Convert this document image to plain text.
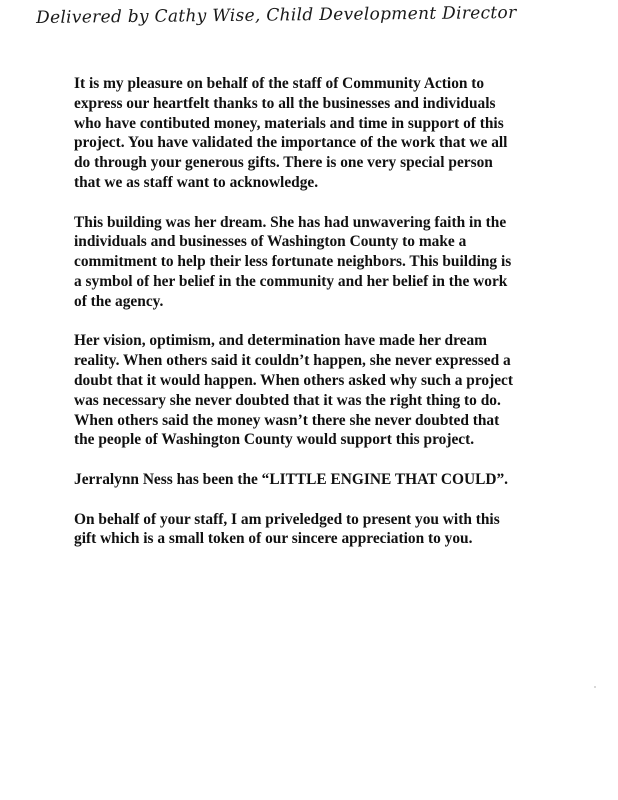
Delivered by Cathy Wise, Child Development Director

It is my pleasure on behalf of the staff of Community Action to
express our heartfelt thanks to all the businesses and individuals
who have contibuted money, materials and time in support of this
project. You have validated the importance of the work that we all
do through your generous gifts. There is one very special person
that we as staff want to acknowledge.

This building was her dream. She has had unwavering faith in the
individuals and businesses of Washington County to make a
commitment to help their less fortunate neighbors. This building is
a symbol of her belief in the community and her belief in the work
of the agency.

Her vision, optimism, and determination have made her dream
reality. When others said it couldn’t happen, she never expressed a
doubt that it would happen. When others asked why such a project
was necessary she never doubted that it was the right thing to do.
When others said the money wasn’t there she never doubted that
the people of Washington County would support this project.

Jerralynn Ness has been the “LITTLE ENGINE THAT COULD”.

On behalf of your staff, I am priveledged to present you with this
gift which is a small token of our sincere appreciation to you.
